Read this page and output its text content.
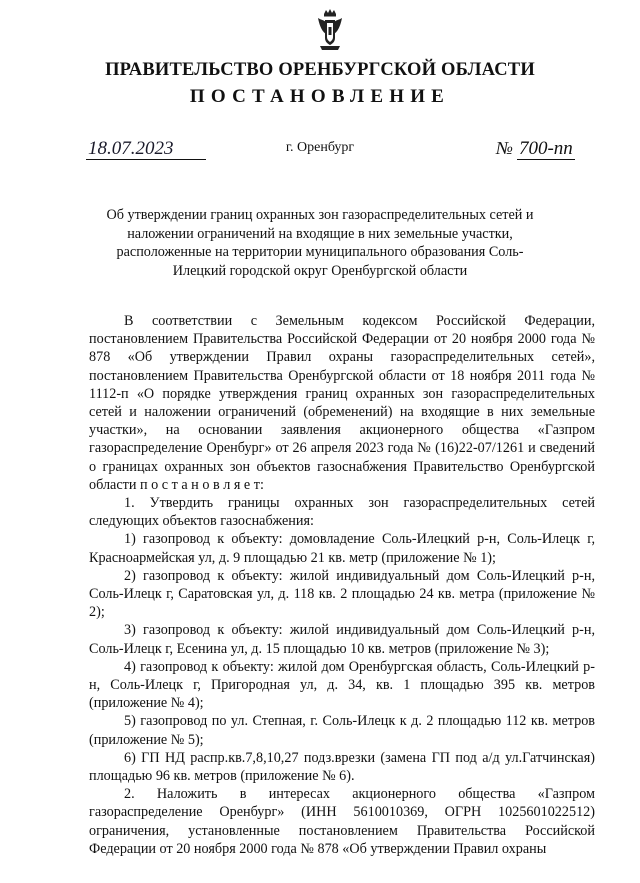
ПРАВИТЕЛЬСТВО ОРЕНБУРГСКОЙ ОБЛАСТИ
ПОСТАНОВЛЕНИЕ
18.07.2023	г. Оренбург	№ 700-пп
Об утверждении границ охранных зон газораспределительных сетей и наложении ограничений на входящие в них земельные участки, расположенные на территории муниципального образования Соль-Илецкий городской округ Оренбургской области

В соответствии с Земельным кодексом Российской Федерации, постановлением Правительства Российской Федерации от 20 ноября 2000 года № 878 «Об утверждении Правил охраны газораспределительных сетей», постановлением Правительства Оренбургской области от 18 ноября 2011 года № 1112-п «О порядке утверждения границ охранных зон газораспределительных сетей и наложении ограничений (обременений) на входящие в них земельные участки», на основании заявления акционерного общества «Газпром газораспределение Оренбург» от 26 апреля 2023 года № (16)22-07/1261 и сведений о границах охранных зон объектов газоснабжения Правительство Оренбургской области п о с т а н о в л я е т:

1. Утвердить границы охранных зон газораспределительных сетей следующих объектов газоснабжения:

1) газопровод к объекту: домовладение Соль-Илецкий р-н, Соль-Илецк г, Красноармейская ул, д. 9 площадью 21 кв. метр (приложение № 1);

2) газопровод к объекту: жилой индивидуальный дом Соль-Илецкий р-н, Соль-Илецк г, Саратовская ул, д. 118 кв. 2 площадью 24 кв. метра (приложение № 2);

3) газопровод к объекту: жилой индивидуальный дом Соль-Илецкий р-н, Соль-Илецк г, Есенина ул, д. 15 площадью 10 кв. метров (приложение № 3);

4) газопровод к объекту: жилой дом Оренбургская область, Соль-Илецкий р-н, Соль-Илецк г, Пригородная ул, д. 34, кв. 1 площадью 395 кв. метров (приложение № 4);

5) газопровод по ул. Степная, г. Соль-Илецк к д. 2 площадью 112 кв. метров (приложение № 5);

6) ГП НД распр.кв.7,8,10,27 подз.врезки (замена ГП под а/д ул.Гатчинская) площадью 96 кв. метров (приложение № 6).

2. Наложить в интересах акционерного общества «Газпром газораспределение Оренбург» (ИНН 5610010369, ОГРН 1025601022512) ограничения, установленные постановлением Правительства Российской Федерации от 20 ноября 2000 года № 878 «Об утверждении Правил охраны
